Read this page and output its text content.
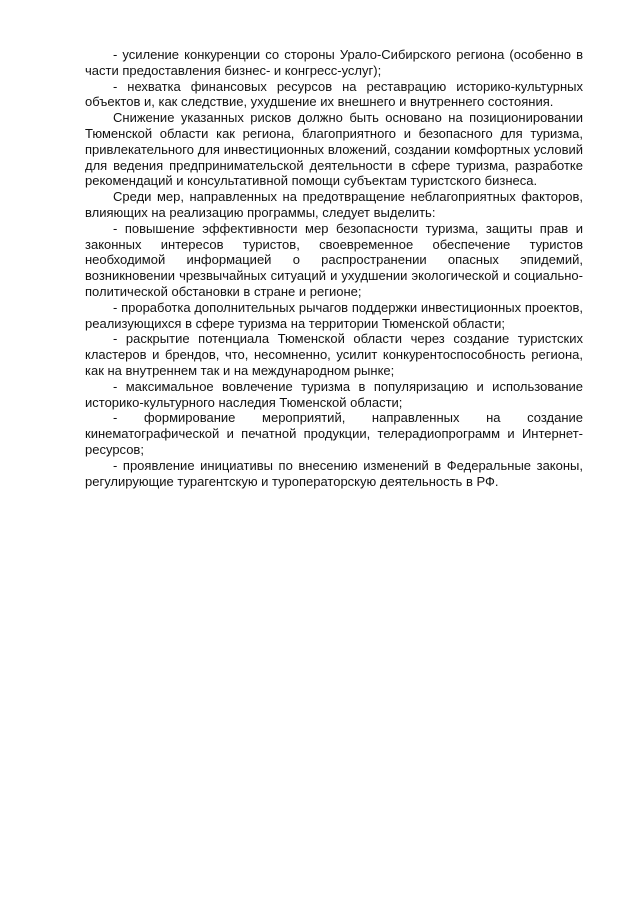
- усиление конкуренции со стороны Урало-Сибирского региона (особенно в части предоставления бизнес- и конгресс-услуг);

- нехватка финансовых ресурсов на реставрацию историко-культурных объектов и, как следствие, ухудшение их внешнего и внутреннего состояния.

Снижение указанных рисков должно быть основано на позиционировании Тюменской области как региона, благоприятного и безопасного для туризма, привлекательного для инвестиционных вложений, создании комфортных условий для ведения предпринимательской деятельности в сфере туризма, разработке рекомендаций и консультативной помощи субъектам туристского бизнеса.

Среди мер, направленных на предотвращение неблагоприятных факторов, влияющих на реализацию программы, следует выделить:

- повышение эффективности мер безопасности туризма, защиты прав и законных интересов туристов, своевременное обеспечение туристов необходимой информацией о распространении опасных эпидемий, возникновении чрезвычайных ситуаций и ухудшении экологической и социально-политической обстановки в стране и регионе;

- проработка дополнительных рычагов поддержки инвестиционных проектов, реализующихся в сфере туризма на территории Тюменской области;

- раскрытие потенциала Тюменской области через создание туристских кластеров и брендов, что, несомненно, усилит конкурентоспособность региона, как на внутреннем так и на международном рынке;

- максимальное вовлечение туризма в популяризацию и использование историко-культурного наследия Тюменской области;

- формирование мероприятий, направленных на создание кинематографической и печатной продукции, телерадиопрограмм и Интернет-ресурсов;

- проявление инициативы по внесению изменений в Федеральные законы, регулирующие турагентскую и туроператорскую деятельность в РФ.
